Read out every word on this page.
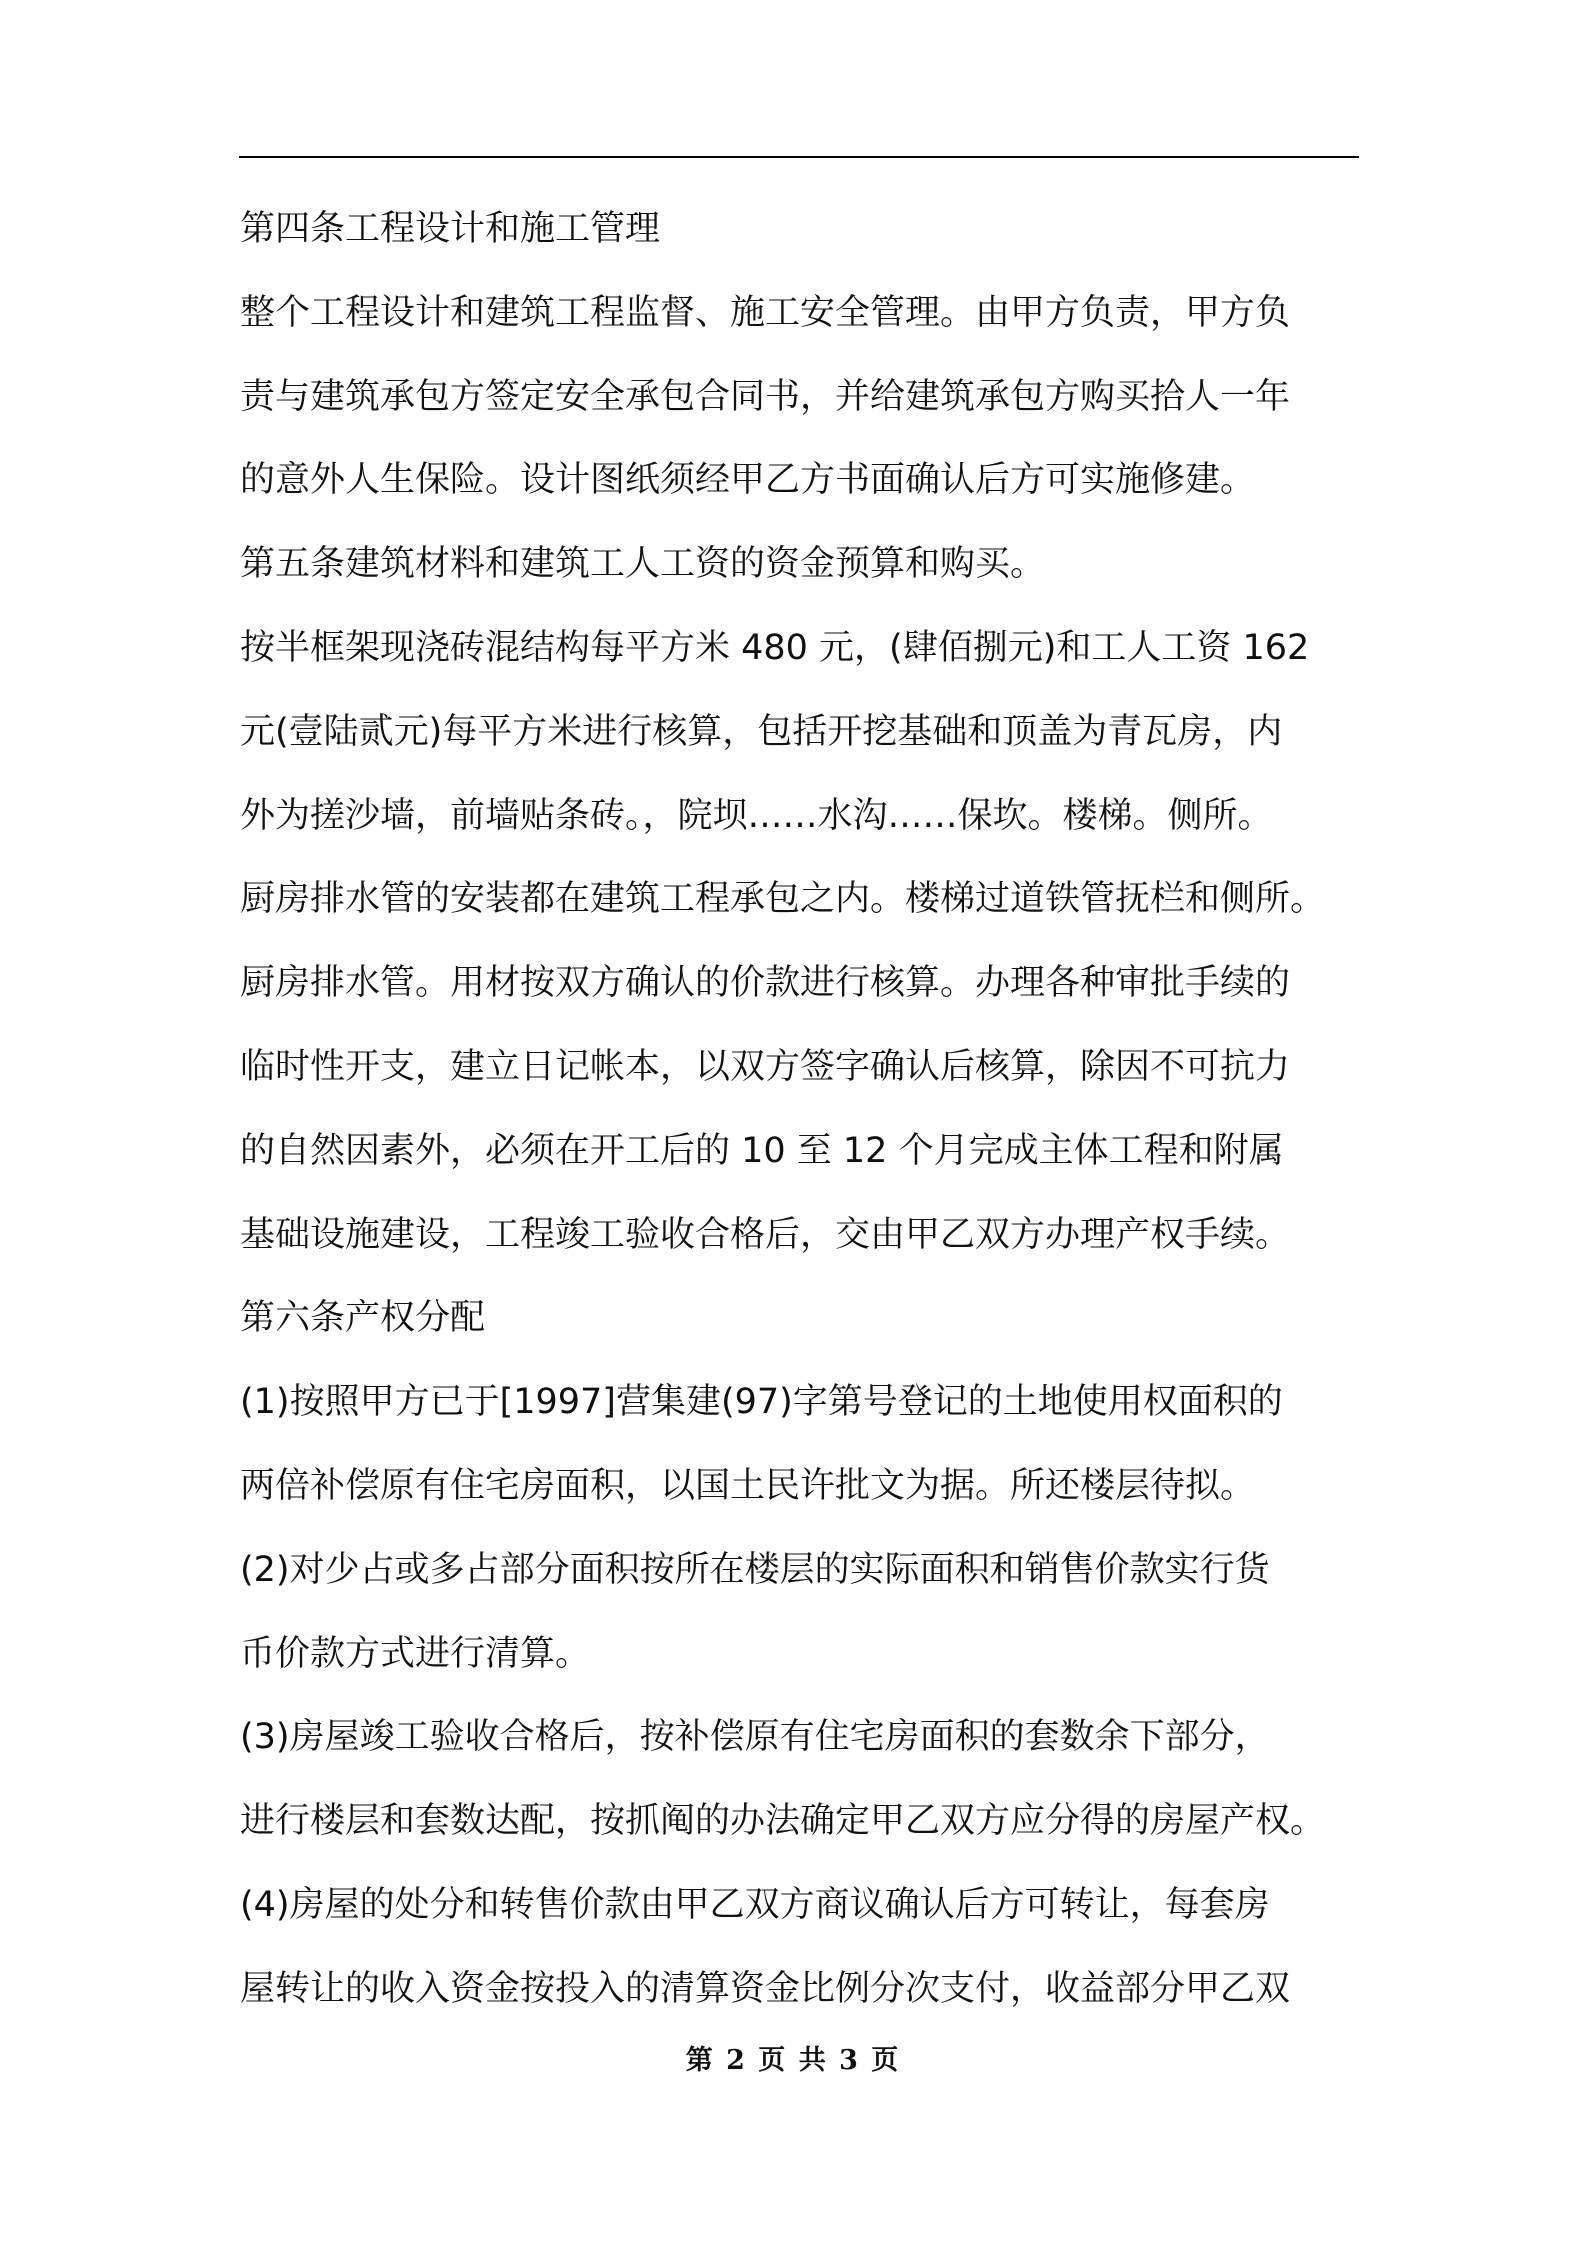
第四条工程设计和施工管理
整个工程设计和建筑工程监督、施工安全管理。由甲方负责，甲方负
责与建筑承包方签定安全承包合同书，并给建筑承包方购买拾人一年
的意外人生保险。设计图纸须经甲乙方书面确认后方可实施修建。
第五条建筑材料和建筑工人工资的资金预算和购买。
按半框架现浇砖混结构每平方米 480 元，(肆佰捌元)和工人工资 162
元(壹陆贰元)每平方米进行核算，包括开挖基础和顶盖为青瓦房，内
外为搓沙墙，前墙贴条砖。，院坝……水沟……保坎。楼梯。侧所。
厨房排水管的安装都在建筑工程承包之内。楼梯过道铁管抚栏和侧所。
厨房排水管。用材按双方确认的价款进行核算。办理各种审批手续的
临时性开支，建立日记帐本，以双方签字确认后核算，除因不可抗力
的自然因素外，必须在开工后的 10 至 12 个月完成主体工程和附属
基础设施建设，工程竣工验收合格后，交由甲乙双方办理产权手续。
第六条产权分配
(1)按照甲方已于[1997]营集建(97)字第号登记的土地使用权面积的
两倍补偿原有住宅房面积，以国土民许批文为据。所还楼层待拟。
(2)对少占或多占部分面积按所在楼层的实际面积和销售价款实行货
币价款方式进行清算。
(3)房屋竣工验收合格后，按补偿原有住宅房面积的套数余下部分，
进行楼层和套数达配，按抓阄的办法确定甲乙双方应分得的房屋产权。
(4)房屋的处分和转售价款由甲乙双方商议确认后方可转让，每套房
屋转让的收入资金按投入的清算资金比例分次支付，收益部分甲乙双
第 2 页 共 3 页
